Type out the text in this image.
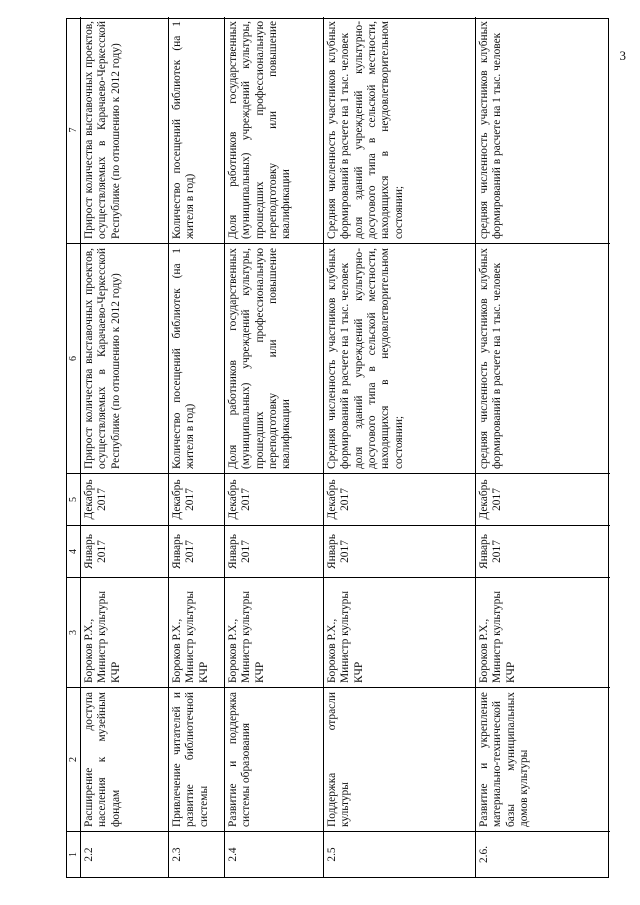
3
1
2
3
4
5
6
7
2.2
Расширение доступа населения к музейным фондам
Бороков Р.Х., Министр культуры КЧР
Январь 2017
Декабрь 2017
Прирост количества выставочных проектов, осуществляемых в Карачаево-Черкесской Республике (по отношению к 2012 году)
Прирост количества выставочных проектов, осуществляемых в Карачаево-Черкесской Республике (по отношению к 2012 году)
2.3
Привлечение читателей и развитие библиотечной системы
Бороков Р.Х., Министр культуры КЧР
Январь 2017
Декабрь 2017
Количество посещений библиотек (на 1 жителя в год)
Количество посещений библиотек (на 1 жителя в год)
2.4
Развитие и поддержка системы образования
Бороков Р.Х., Министр культуры КЧР
Январь 2017
Декабрь 2017
Доля работников государственных (муниципальных) учреждений культуры, прошедших профессиональную переподготовку или повышение квалификации
Доля работников государственных (муниципальных) учреждений культуры, прошедших профессиональную переподготовку или повышение квалификации
2.5
Поддержка отрасли культуры
Бороков Р.Х., Министр культуры КЧР
Январь 2017
Декабрь 2017
Средняя численность участников клубных формирований в расчете на 1 тыс. человек
доля зданий учреждений культурно-досугового типа в сельской местности, находящихся в неудовлетворительном состоянии;
Средняя численность участников клубных формирований в расчете на 1 тыс. человек
доля зданий учреждений культурно-досугового типа в сельской местности, находящихся в неудовлетворительном состоянии;
2.6.
Развитие и укрепление материально-технической базы муниципальных домов культуры
Бороков Р.Х., Министр культуры КЧР
Январь 2017
Декабрь 2017
средняя численность участников клубных формирований в расчете на 1 тыс. человек
средняя численность участников клубных формирований в расчете на 1 тыс. человек
